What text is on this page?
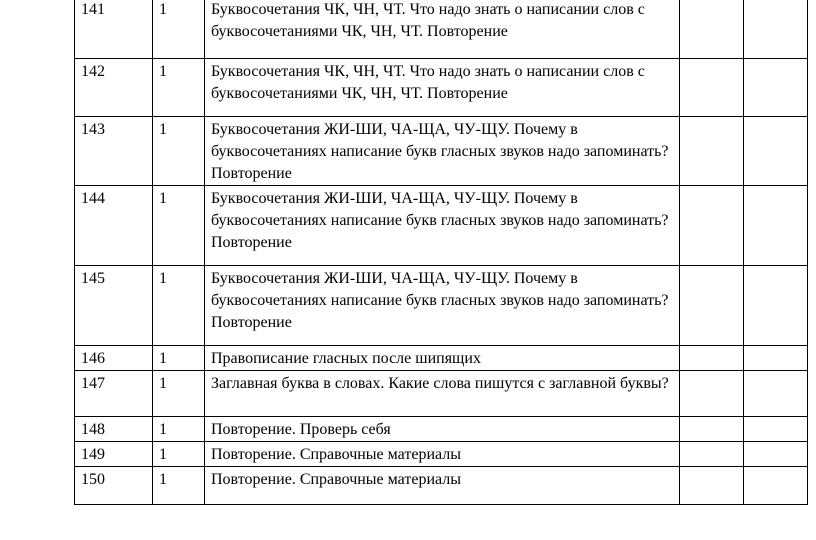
141	1	Буквосочетания ЧК, ЧН, ЧТ. Что надо знать о написании слов с буквосочетаниями ЧК, ЧН, ЧТ. Повторение		
142	1	Буквосочетания ЧК, ЧН, ЧТ. Что надо знать о написании слов с буквосочетаниями ЧК, ЧН, ЧТ. Повторение		
143	1	Буквосочетания ЖИ-ШИ, ЧА-ЩА, ЧУ-ЩУ. Почему в буквосочетаниях написание букв гласных звуков надо запоминать? Повторение		
144	1	Буквосочетания ЖИ-ШИ, ЧА-ЩА, ЧУ-ЩУ. Почему в буквосочетаниях написание букв гласных звуков надо запоминать? Повторение		
145	1	Буквосочетания ЖИ-ШИ, ЧА-ЩА, ЧУ-ЩУ. Почему в буквосочетаниях написание букв гласных звуков надо запоминать? Повторение		
146	1	Правописание гласных после шипящих		
147	1	Заглавная буква в словах. Какие слова пишутся с заглавной буквы?		
148	1	Повторение. Проверь себя		
149	1	Повторение. Справочные материалы		
150	1	Повторение. Справочные материалы		
